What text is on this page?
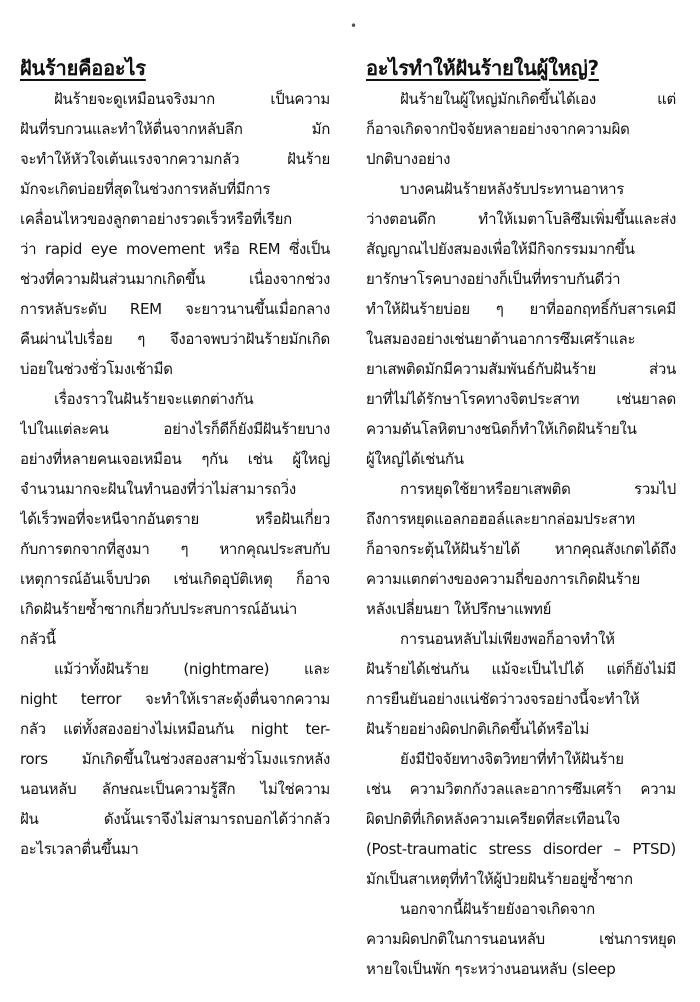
•
ฝันร้ายคืออะไร
ฝันร้ายจะดูเหมือนจริงมาก เป็นความ
ฝันที่รบกวนและทำให้ตื่นจากหลับลึก มัก
จะทำให้หัวใจเต้นแรงจากความกลัว ฝันร้าย
มักจะเกิดบ่อยที่สุดในช่วงการหลับที่มีการ
เคลื่อนไหวของลูกตาอย่างรวดเร็วหรือที่เรียก
ว่า rapid eye movement หรือ REM ซึ่งเป็น
ช่วงที่ความฝันส่วนมากเกิดขึ้น เนื่องจากช่วง
การหลับระดับ REM จะยาวนานขึ้นเมื่อกลาง
คืนผ่านไปเรื่อย ๆ จึงอาจพบว่าฝันร้ายมักเกิด
บ่อยในช่วงชั่วโมงเช้ามืด
เรื่องราวในฝันร้ายจะแตกต่างกัน
ไปในแต่ละคน อย่างไรก็ดีก็ยังมีฝันร้ายบาง
อย่างที่หลายคนเจอเหมือน ๆกัน เช่น ผู้ใหญ่
จำนวนมากจะฝันในทำนองที่ว่าไม่สามารถวิ่ง
ได้เร็วพอที่จะหนีจากอันตราย หรือฝันเกี่ยว
กับการตกจากที่สูงมา ๆ หากคุณประสบกับ
เหตุการณ์อันเจ็บปวด เช่นเกิดอุบัติเหตุ ก็อาจ
เกิดฝันร้ายซ้ำซากเกี่ยวกับประสบการณ์อันน่า
กลัวนี้
แม้ว่าทั้งฝันร้าย (nightmare) และ
night terror จะทำให้เราสะดุ้งตื่นจากความ
กลัว แต่ทั้งสองอย่างไม่เหมือนกัน night ter-
rors มักเกิดขึ้นในช่วงสองสามชั่วโมงแรกหลัง
นอนหลับ ลักษณะเป็นความรู้สึก ไม่ใช่ความ
ฝัน ดังนั้นเราจึงไม่สามารถบอกได้ว่ากลัว
อะไรเวลาตื่นขึ้นมา
อะไรทำให้ฝันร้ายในผู้ใหญ่?
ฝันร้ายในผู้ใหญ่มักเกิดขึ้นได้เอง แต่
ก็อาจเกิดจากปัจจัยหลายอย่างจากความผิด
ปกติบางอย่าง
บางคนฝันร้ายหลังรับประทานอาหาร
ว่างตอนดึก ทำให้เมตาโบลิซึมเพิ่มขึ้นและส่ง
สัญญาณไปยังสมองเพื่อให้มีกิจกรรมมากขึ้น
ยารักษาโรคบางอย่างก็เป็นที่ทราบกันดีว่า
ทำให้ฝันร้ายบ่อย ๆ ยาที่ออกฤทธิ์กับสารเคมี
ในสมองอย่างเช่นยาต้านอาการซึมเศร้าและ
ยาเสพติดมักมีความสัมพันธ์กับฝันร้าย ส่วน
ยาที่ไม่ได้รักษาโรคทางจิตประสาท เช่นยาลด
ความดันโลหิตบางชนิดก็ทำให้เกิดฝันร้ายใน
ผู้ใหญ่ได้เช่นกัน
การหยุดใช้ยาหรือยาเสพติด รวมไป
ถึงการหยุดแอลกอฮอล์และยากล่อมประสาท
ก็อาจกระตุ้นให้ฝันร้ายได้ หากคุณสังเกตได้ถึง
ความแตกต่างของความถี่ของการเกิดฝันร้าย
หลังเปลี่ยนยา ให้ปรึกษาแพทย์
การนอนหลับไม่เพียงพอก็อาจทำให้
ฝันร้ายได้เช่นกัน แม้จะเป็นไปได้ แต่ก็ยังไม่มี
การยืนยันอย่างแน่ชัดว่าวงจรอย่างนี้จะทำให้
ฝันร้ายอย่างผิดปกติเกิดขึ้นได้หรือไม่
ยังมีปัจจัยทางจิตวิทยาที่ทำให้ฝันร้าย
เช่น ความวิตกกังวลและอาการซึมเศร้า ความ
ผิดปกติที่เกิดหลังความเครียดที่สะเทือนใจ
(Post-traumatic stress disorder – PTSD)
มักเป็นสาเหตุที่ทำให้ผู้ป่วยฝันร้ายอยู่ซ้ำซาก
นอกจากนี้ฝันร้ายยังอาจเกิดจาก
ความผิดปกติในการนอนหลับ เช่นการหยุด
หายใจเป็นพัก ๆระหว่างนอนหลับ (sleep
